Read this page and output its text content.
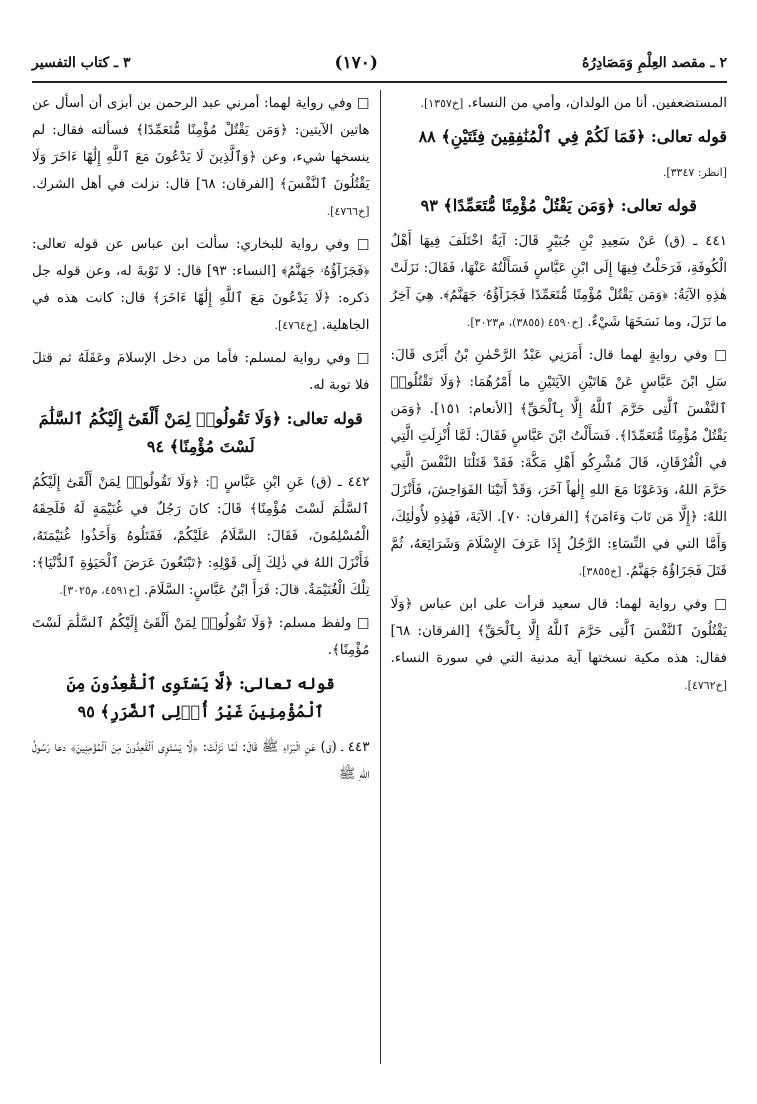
٢ ـ مقصد العِلْمِ وَمَصَادِرُهُ
(١٧٠)
٣ ـ كتاب التفسير

المستضعفين. أنا من الولدان، وأمي من النساء. [خ١٣٥٧].

قوله تعالى: ﴿فَمَا لَكُمْ فِي ٱلْمُنَٰفِقِينَ فِئَتَيْنِ﴾ ٨٨

[انظر: ٣٣٤٧].

قوله تعالى: ﴿وَمَن يَقْتُلْ مُؤْمِنًا مُّتَعَمِّدًا﴾ ٩٣

٤٤١ ـ (ق) عَنْ سَعِيدِ بْنِ جُبَيْرٍ قَالَ: آيَةٌ اخْتَلَفَ فِيهَا أَهْلُ الْكُوفَةِ، فَرَحَلْتُ فِيهَا إِلَى ابْنِ عَبَّاسٍ فَسَأَلْتُهُ عَنْهَا، فَقَالَ: نَزَلَتْ هٰذِهِ الآيَةُ: ﴿وَمَن يَقْتُلْ مُؤْمِنًا مُّتَعَمِّدًا فَجَزَآؤُهُۥ جَهَنَّمُ﴾. هِيَ آخِرُ ما نَزَلَ، وما نَسَخَهَا شَيْءٌ. [خ٤٥٩٠ (٣٨٥٥)، م٣٠٢٣].

□ وفي روايةٍ لهما قال: أَمَرَنِي عَبْدُ الرَّحْمٰنِ بْنُ أَبْزَى قَالَ: سَلِ ابْنَ عَبَّاسٍ عَنْ هَاتَيْنِ الآيَتَيْنِ ما أَمْرُهُمَا: ﴿وَلَا تَقْتُلُوا۟ ٱلنَّفْسَ ٱلَّتِى حَرَّمَ ٱللَّهُ إِلَّا بِٱلْحَقِّ﴾ [الأنعام: ١٥١]. ﴿وَمَن يَقْتُلْ مُؤْمِنًا مُّتَعَمِّدًا﴾. فَسَأَلْتُ ابْنَ عَبَّاسٍ فَقَالَ: لَمَّا أُنْزِلَتِ الَّتِي في الْفُرْقَانِ، قَالَ مُشْرِكُو أَهْلِ مَكَّةَ: فَقَدْ قَتَلْنَا النَّفْسَ الَّتِي حَرَّمَ اللهُ، وَدَعَوْنَا مَعَ اللهِ إِلٰهاً آخَرَ، وَقَدْ أَتَيْنَا الفَوَاحِشَ، فَأَنْزَلَ اللهُ: ﴿إِلَّا مَن تَابَ وَءَامَنَ﴾ [الفرقان: ٧٠]. الآيَةَ، فَهٰذِهِ لأُولٰئِكَ، وَأَمَّا التي في النِّسَاءِ: الرَّجُلُ إِذَا عَرَفَ الإِسْلَامَ وَشَرَائِعَهُ، ثُمَّ قَتَلَ فَجَزَاؤُهُ جَهَنَّمُ. [خ٣٨٥٥].

□ وفي رواية لهما: قال سعيد قرأت على ابن عباس ﴿وَلَا يَقْتُلُونَ ٱلنَّفْسَ ٱلَّتِى حَرَّمَ ٱللَّهُ إِلَّا بِٱلْحَقِّ﴾ [الفرقان: ٦٨] فقال: هذه مكية نسختها آية مدنية التي في سورة النساء. [خ٤٧٦٢].

□ وفي رواية لهما: أمرني عبد الرحمن بن أبزى أن أسأل عن هاتين الآيتين: ﴿وَمَن يَقْتُلْ مُؤْمِنًا مُّتَعَمِّدًا﴾ فسألته فقال: لم ينسخها شيء، وعن ﴿وَٱلَّذِينَ لَا يَدْعُونَ مَعَ ٱللَّهِ إِلَٰهًا ءَاخَرَ وَلَا يَقْتُلُونَ ٱلنَّفْسَ﴾ [الفرقان: ٦٨] قال: نزلت في أهل الشرك. [خ٤٧٦٦].

□ وفي رواية للبخاري: سألت ابن عباس عن قوله تعالى: ﴿فَجَزَآؤُهُۥ جَهَنَّمُ﴾ [النساء: ٩٣] قال: لا تَوْبةَ له، وعن قوله جل ذكره: ﴿لَا يَدْعُونَ مَعَ ٱللَّهِ إِلَٰهًا ءَاخَرَ﴾ قال: كانت هذه في الجاهلية. [خ٤٧٦٤].

□ وفي رواية لمسلم: فأما من دخل الإسلامَ وعَقَلَهُ ثم قتلَ فلا توبة له.

قوله تعالى: ﴿وَلَا تَقُولُوا۟ لِمَنْ أَلْقَىٰٓ إِلَيْكُمُ ٱلسَّلَٰمَ لَسْتَ مُؤْمِنًا﴾ ٩٤

٤٤٢ ـ (ق) عَنِ ابْنِ عَبَّاسٍ ﷺ: ﴿وَلَا تَقُولُوا۟ لِمَنْ أَلْقَىٰٓ إِلَيْكُمُ ٱلسَّلَٰمَ لَسْتَ مُؤْمِنًا﴾ قَالَ: كانَ رَجُلٌ في غُنَيْمَةٍ لَهُ فَلَحِقَهُ الْمُسْلِمُونَ، فَقَالَ: السَّلَامُ عَلَيْكُمْ، فَقَتَلُوهُ وَأَخَذُوا غُنَيْمَتَهُ، فَأَنْزَلَ اللهُ في ذٰلِكَ إِلَى قَوْلِهِ: ﴿تَبْتَغُونَ عَرَضَ ٱلْحَيَوٰةِ ٱلدُّنْيَا﴾: تِلْكَ الْغُنَيْمَةُ. قالَ: قَرَأَ ابْنُ عَبَّاسٍ: السَّلَامَ. [خ٤٥٩١، م٣٠٢٥].

□ ولفظ مسلم: ﴿وَلَا تَقُولُوا۟ لِمَنْ أَلْقَىٰٓ إِلَيْكُمُ ٱلسَّلَٰمَ لَسْتَ مُؤْمِنًا﴾.

قوله تعالى: ﴿لَّا يَسْتَوِى ٱلْقَٰعِدُونَ مِنَ ٱلْمُؤْمِنِينَ غَيْرُ أُو۟لِى ٱلضَّرَرِ﴾ ٩٥

٤٤٣ ـ (ق) عَنِ الْبَرَاءِ ﷺ قَالَ: لَمَّا نَزَلَتْ: ﴿لَّا يَسْتَوِى ٱلْقَٰعِدُونَ مِنَ ٱلْمُؤْمِنِينَ﴾ دعا رَسُولُ اللهِ ﷺ
